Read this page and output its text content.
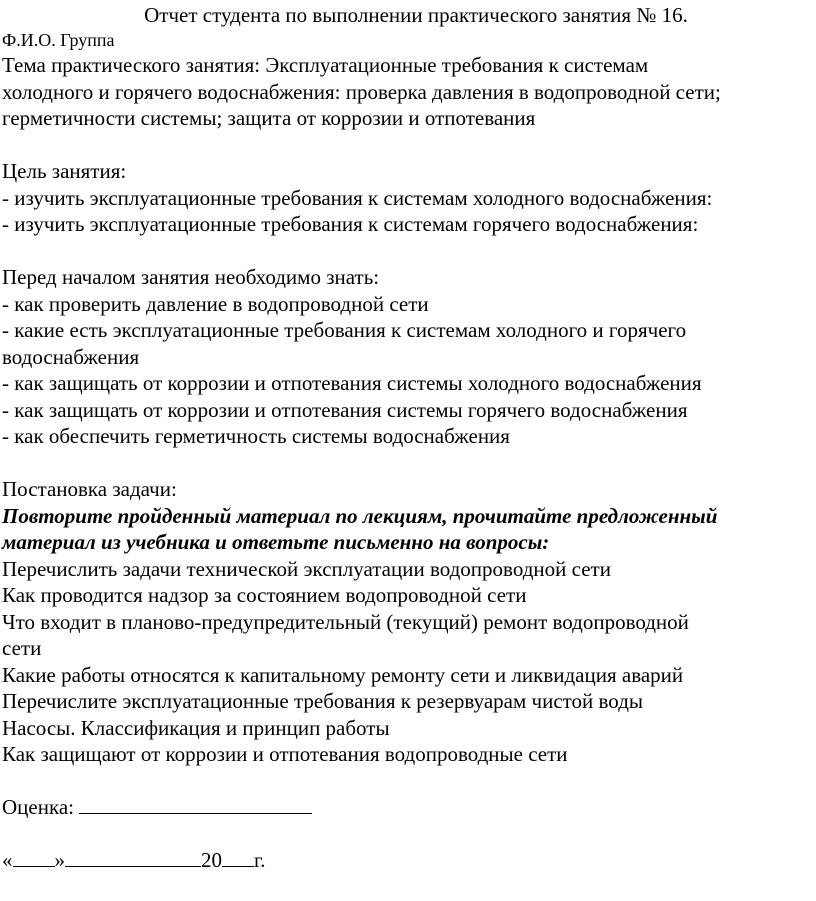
Отчет студента по выполнении практического занятия № 16.
Ф.И.О. Группа
Тема практического занятия: Эксплуатационные требования к системам
холодного и горячего водоснабжения: проверка давления в водопроводной сети;
герметичности системы; защита от коррозии и отпотевания
Цель занятия:
- изучить эксплуатационные требования к системам холодного водоснабжения:
- изучить эксплуатационные требования к системам горячего водоснабжения:
Перед началом занятия необходимо знать:
- как проверить давление в водопроводной сети
- какие есть эксплуатационные требования к системам холодного и горячего
водоснабжения
- как защищать от коррозии и отпотевания системы холодного водоснабжения
- как защищать от коррозии и отпотевания системы горячего водоснабжения
- как обеспечить герметичность системы водоснабжения
Постановка задачи:
Повторите пройденный материал по лекциям, прочитайте предложенный
материал из учебника и ответьте письменно на вопросы:
Перечислить задачи технической эксплуатации водопроводной сети
Как проводится надзор за состоянием водопроводной сети
Что входит в планово-предупредительный (текущий) ремонт водопроводной
сети
Какие работы относятся к капитальному ремонту сети и ликвидация аварий
Перечислите эксплуатационные требования к резервуарам чистой воды
Насосы. Классификация и принцип работы
Как защищают от коррозии и отпотевания водопроводные сети
Оценка:
« »	20 г.
